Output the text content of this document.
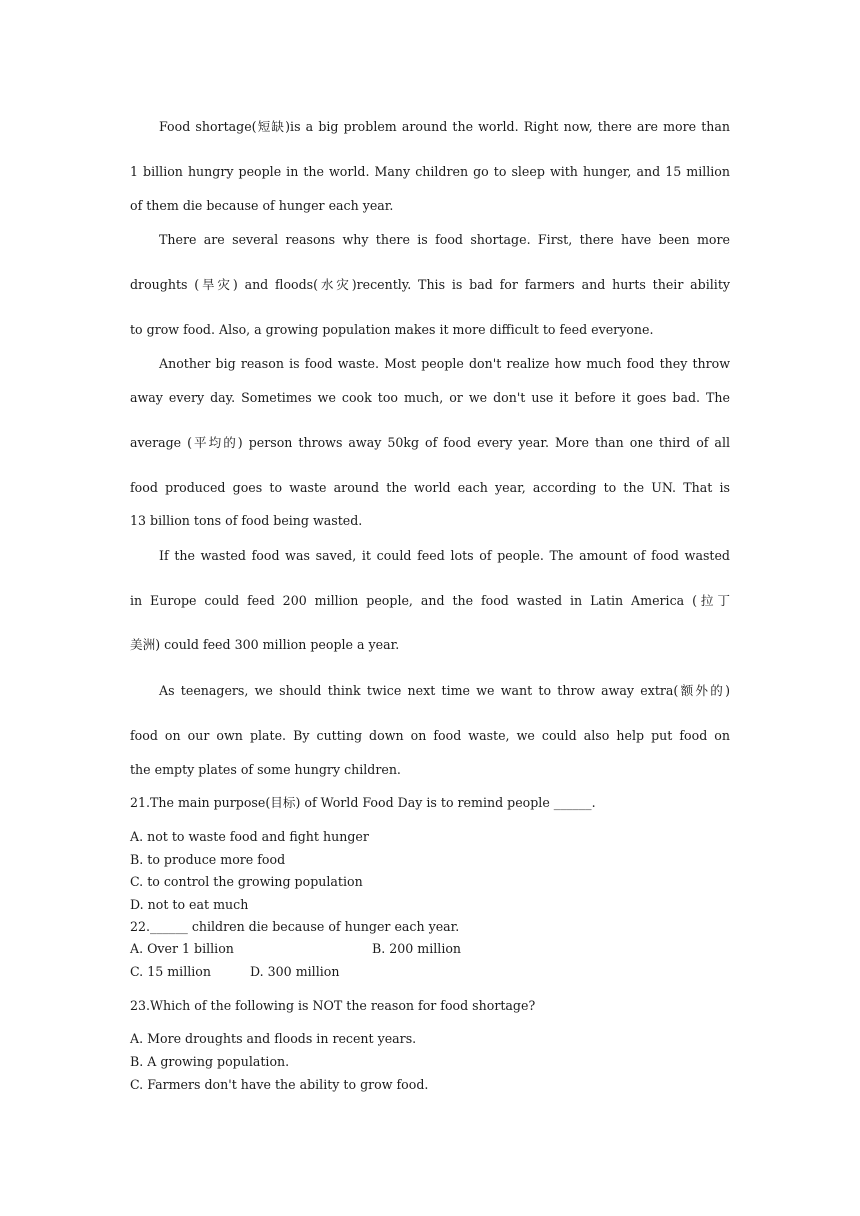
Food shortage(短缺)is a big problem around the world. Right now, there are more than
1 billion hungry people in the world. Many children go to sleep with hunger, and 15 million
of them die because of hunger each year.
There are several reasons why there is food shortage. First, there have been more
droughts (旱灾) and floods(水灾)recently. This is bad for farmers and hurts their ability
to grow food. Also, a growing population makes it more difficult to feed everyone.
Another big reason is food waste. Most people don't realize how much food they throw
away every day. Sometimes we cook too much, or we don't use it before it goes bad. The
average (平均的) person throws away 50kg of food every year. More than one third of all
food produced goes to waste around the world each year, according to the UN. That is
13 billion tons of food being wasted.
If the wasted food was saved, it could feed lots of people. The amount of food wasted
in Europe could feed 200 million people, and the food wasted in Latin America (拉丁
美洲) could feed 300 million people a year.
As teenagers, we should think twice next time we want to throw away extra(额外的)
food on our own plate. By cutting down on food waste, we could also help put food on
the empty plates of some hungry children.
21.The main purpose(目标) of World Food Day is to remind people ______.
A. not to waste food and fight hunger
B. to produce more food
C. to control the growing population
D. not to eat much
22.______ children die because of hunger each year.
A. Over 1 billion	B. 200 million
C. 15 million	D. 300 million
23.Which of the following is NOT the reason for food shortage?
A. More droughts and floods in recent years.
B. A growing population.
C. Farmers don't have the ability to grow food.
